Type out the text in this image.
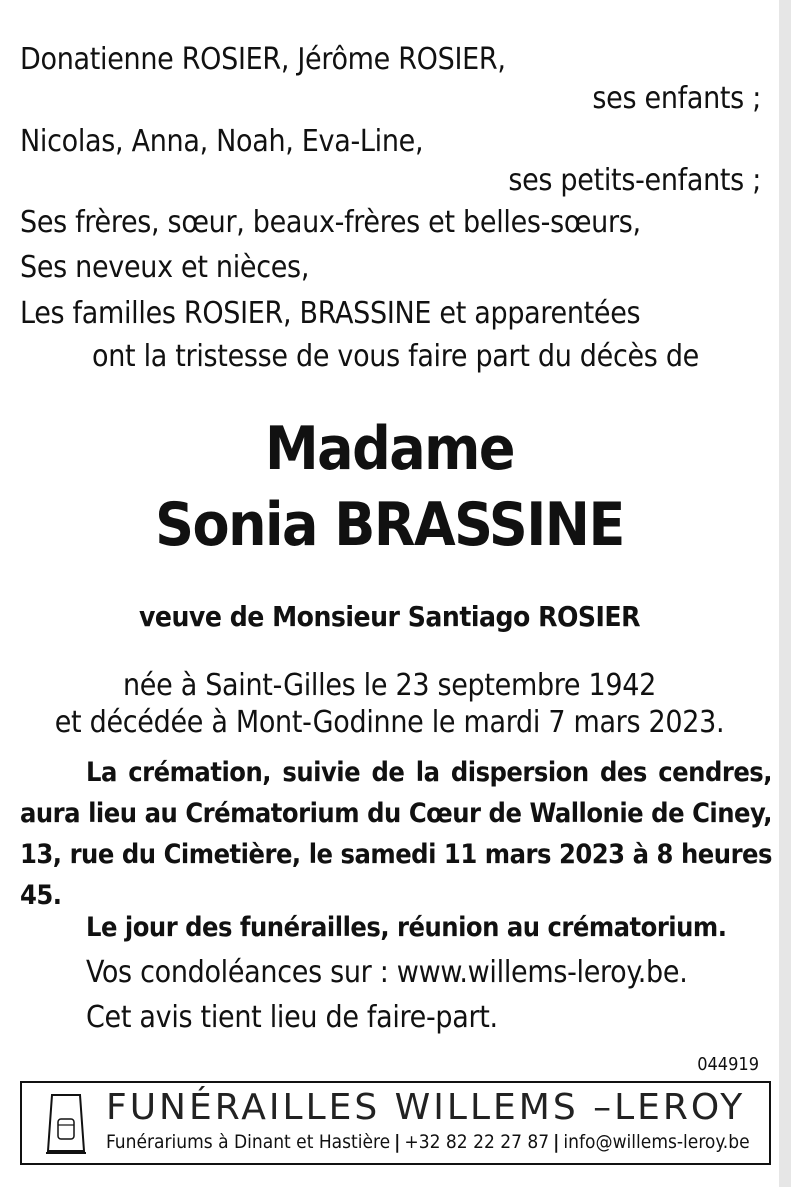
Donatienne ROSIER, Jérôme ROSIER,
ses enfants ;
Nicolas, Anna, Noah, Eva-Line,
ses petits-enfants ;
Ses frères, sœur, beaux-frères et belles-sœurs,
Ses neveux et nièces,
Les familles ROSIER, BRASSINE et apparentées
ont la tristesse de vous faire part du décès de
Madame
Sonia BRASSINE
veuve de Monsieur Santiago ROSIER
née à Saint-Gilles le 23 septembre 1942
et décédée à Mont-Godinne le mardi 7 mars 2023.
La crémation, suivie de la dispersion des cendres, aura lieu au Crématorium du Cœur de Wallonie de Ciney, 13, rue du Cimetière, le samedi 11 mars 2023 à 8 heures 45.
Le jour des funérailles, réunion au crématorium.
Vos condoléances sur : www.willems-leroy.be.
Cet avis tient lieu de faire-part.
044919
FUNÉRAILLES WILLEMS –LEROY
Funérariums à Dinant et Hastière | +32 82 22 27 87 | info@willems-leroy.be
